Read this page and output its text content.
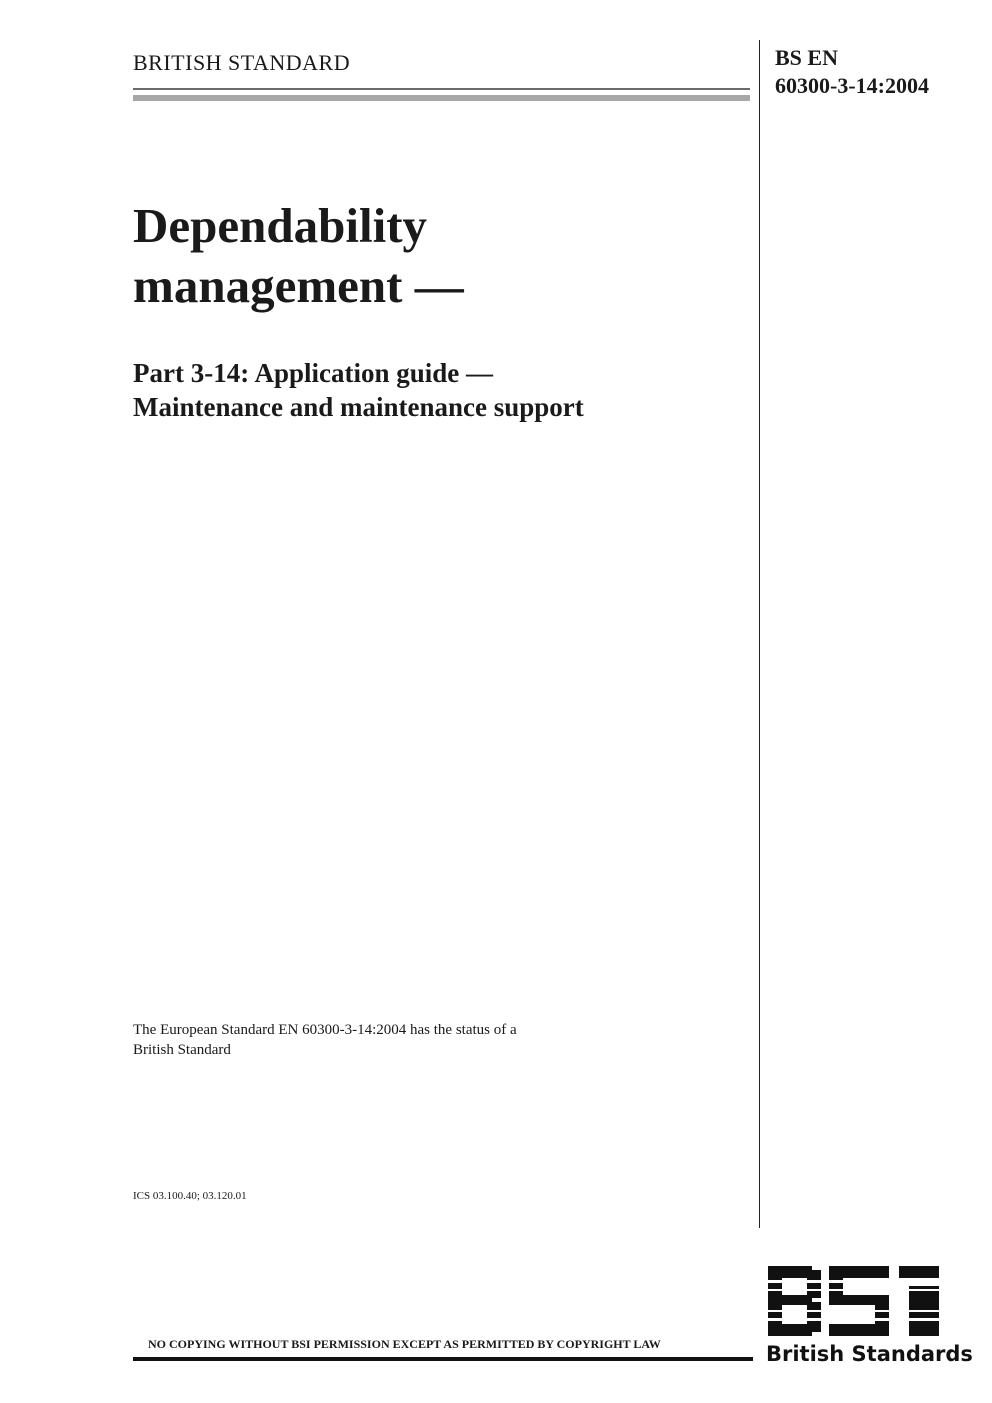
BRITISH STANDARD	BS EN
60300-3-14:2004
Dependability
management —
Part 3-14: Application guide —
Maintenance and maintenance support
The European Standard EN 60300-3-14:2004 has the status of a
British Standard
ICS 03.100.40; 03.120.01
NO COPYING WITHOUT BSI PERMISSION EXCEPT AS PERMITTED BY COPYRIGHT LAW
BSi
British Standards
